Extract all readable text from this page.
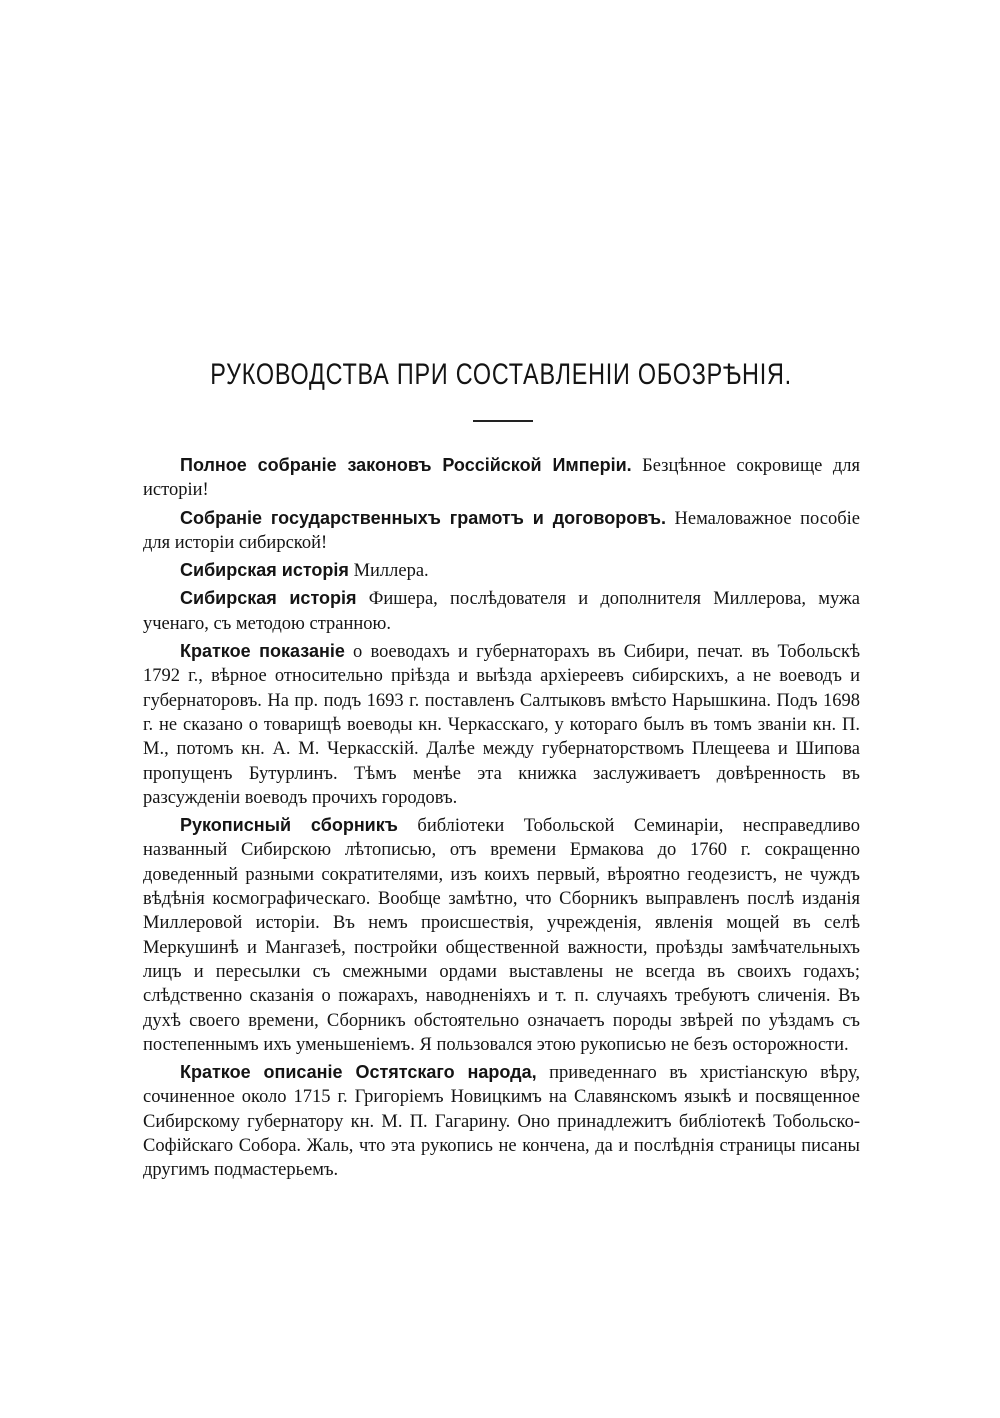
РУКОВОДСТВА ПРИ СОСТАВЛЕНІИ ОБОЗРѢНІЯ.

Полное собраніе законовъ Россійской Имперіи. Безцѣнное сокровище для исторіи!

Собраніе государственныхъ грамотъ и договоровъ. Немаловажное пособіе для исторіи сибирской!

Сибирская исторія Миллера.

Сибирская исторія Фишера, послѣдователя и дополнителя Миллерова, мужа ученаго, съ методою странною.

Краткое показаніе о воеводахъ и губернаторахъ въ Сибири, печат. въ Тобольскѣ 1792 г., вѣрное относительно пріѣзда и выѣзда архіереевъ сибирскихъ, а не воеводъ и губернаторовъ. На пр. подъ 1693 г. поставленъ Салтыковъ вмѣсто Нарышкина. Подъ 1698 г. не сказано о товарищѣ воеводы кн. Черкасскаго, у котораго былъ въ томъ званіи кн. П. М., потомъ кн. А. М. Черкасскій. Далѣе между губернаторствомъ Плещеева и Шипова пропущенъ Бутурлинъ. Тѣмъ менѣе эта книжка заслуживаетъ довѣренность въ разсужденіи воеводъ прочихъ городовъ.

Рукописный сборникъ библіотеки Тобольской Семинаріи, несправедливо названный Сибирскою лѣтописью, отъ времени Ермакова до 1760 г. сокращенно доведенный разными сократителями, изъ коихъ первый, вѣроятно геодезистъ, не чуждъ вѣдѣнія космографическаго. Вообще замѣтно, что Сборникъ выправленъ послѣ изданія Миллеровой исторіи. Въ немъ происшествія, учрежденія, явленія мощей въ селѣ Меркушинѣ и Мангазеѣ, постройки общественной важности, проѣзды замѣчательныхъ лицъ и пересылки съ смежными ордами выставлены не всегда въ своихъ годахъ; слѣдственно сказанія о пожарахъ, наводненіяхъ и т. п. случаяхъ требуютъ сличенія. Въ духѣ своего времени, Сборникъ обстоятельно означаетъ породы звѣрей по уѣздамъ съ постепеннымъ ихъ уменьшеніемъ. Я пользовался этою рукописью не безъ осторожности.

Краткое описаніе Остятскаго народа, приведеннаго въ христіанскую вѣру, сочиненное около 1715 г. Григоріемъ Новицкимъ на Славянскомъ языкѣ и посвященное Сибирскому губернатору кн. М. П. Гагарину. Оно принадлежитъ библіотекѣ Тобольско-Софійскаго Собора. Жаль, что эта рукопись не кончена, да и послѣднія страницы писаны другимъ подмастерьемъ.
